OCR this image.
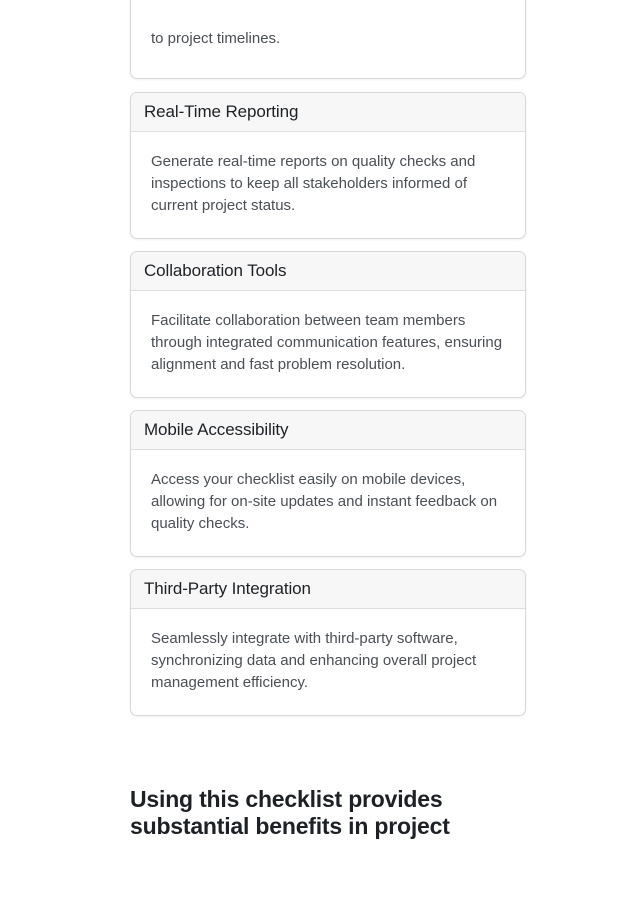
to project timelines.
Real-Time Reporting
Generate real-time reports on quality checks and inspections to keep all stakeholders informed of current project status.
Collaboration Tools
Facilitate collaboration between team members through integrated communication features, ensuring alignment and fast problem resolution.
Mobile Accessibility
Access your checklist easily on mobile devices, allowing for on-site updates and instant feedback on quality checks.
Third-Party Integration
Seamlessly integrate with third-party software, synchronizing data and enhancing overall project management efficiency.
Using this checklist provides substantial benefits in project
